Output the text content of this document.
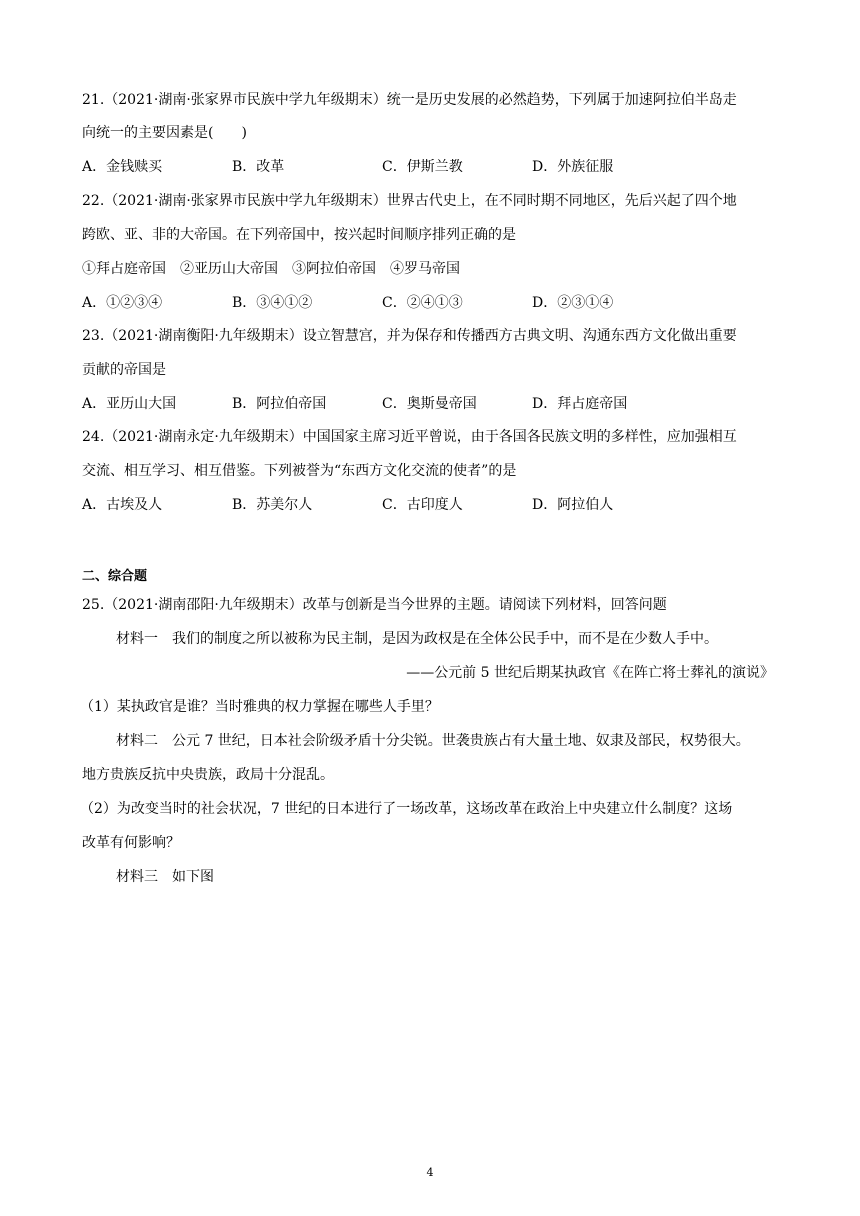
21.（2021·湖南·张家界市民族中学九年级期末）统一是历史发展的必然趋势，下列属于加速阿拉伯半岛走
向统一的主要因素是(　　)
A．金钱赎买	B．改革	C．伊斯兰教	D．外族征服
22.（2021·湖南·张家界市民族中学九年级期末）世界古代史上，在不同时期不同地区，先后兴起了四个地
跨欧、亚、非的大帝国。在下列帝国中，按兴起时间顺序排列正确的是
①拜占庭帝国　②亚历山大帝国　③阿拉伯帝国　④罗马帝国
A．①②③④	B．③④①②	C．②④①③	D．②③①④
23.（2021·湖南衡阳·九年级期末）设立智慧宫，并为保存和传播西方古典文明、沟通东西方文化做出重要
贡献的帝国是
A．亚历山大国	B．阿拉伯帝国	C．奥斯曼帝国	D．拜占庭帝国
24.（2021·湖南永定·九年级期末）中国国家主席习近平曾说，由于各国各民族文明的多样性，应加强相互
交流、相互学习、相互借鉴。下列被誉为“东西方文化交流的使者”的是
A．古埃及人	B．苏美尔人	C．古印度人	D．阿拉伯人
二、综合题
25.（2021·湖南邵阳·九年级期末）改革与创新是当今世界的主题。请阅读下列材料，回答问题
材料一　我们的制度之所以被称为民主制，是因为政权是在全体公民手中，而不是在少数人手中。
——公元前 5 世纪后期某执政官《在阵亡将士葬礼的演说》
（1）某执政官是谁？当时雅典的权力掌握在哪些人手里？
材料二　公元 7 世纪，日本社会阶级矛盾十分尖锐。世袭贵族占有大量土地、奴隶及部民，权势很大。
地方贵族反抗中央贵族，政局十分混乱。
（2）为改变当时的社会状况，7 世纪的日本进行了一场改革，这场改革在政治上中央建立什么制度？这场
改革有何影响？
材料三　如下图
4
